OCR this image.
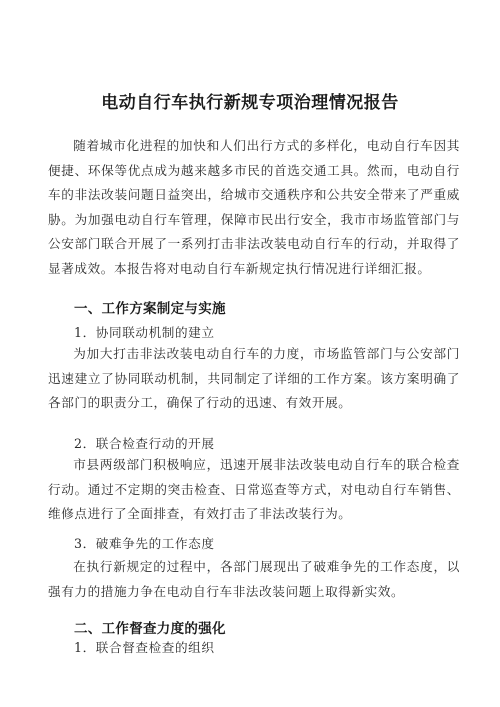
电动自行车执行新规专项治理情况报告

随着城市化进程的加快和人们出行方式的多样化，电动自行车因其便捷、环保等优点成为越来越多市民的首选交通工具。然而，电动自行车的非法改装问题日益突出，给城市交通秩序和公共安全带来了严重威胁。为加强电动自行车管理，保障市民出行安全，我市市场监管部门与公安部门联合开展了一系列打击非法改装电动自行车的行动，并取得了显著成效。本报告将对电动自行车新规定执行情况进行详细汇报。

一、工作方案制定与实施
1．协同联动机制的建立

为加大打击非法改装电动自行车的力度，市场监管部门与公安部门迅速建立了协同联动机制，共同制定了详细的工作方案。该方案明确了各部门的职责分工，确保了行动的迅速、有效开展。

2．联合检查行动的开展

市县两级部门积极响应，迅速开展非法改装电动自行车的联合检查行动。通过不定期的突击检查、日常巡查等方式，对电动自行车销售、维修点进行了全面排查，有效打击了非法改装行为。

3．破难争先的工作态度

在执行新规定的过程中，各部门展现出了破难争先的工作态度，以强有力的措施力争在电动自行车非法改装问题上取得新实效。

二、工作督查力度的强化
1．联合督查检查的组织
